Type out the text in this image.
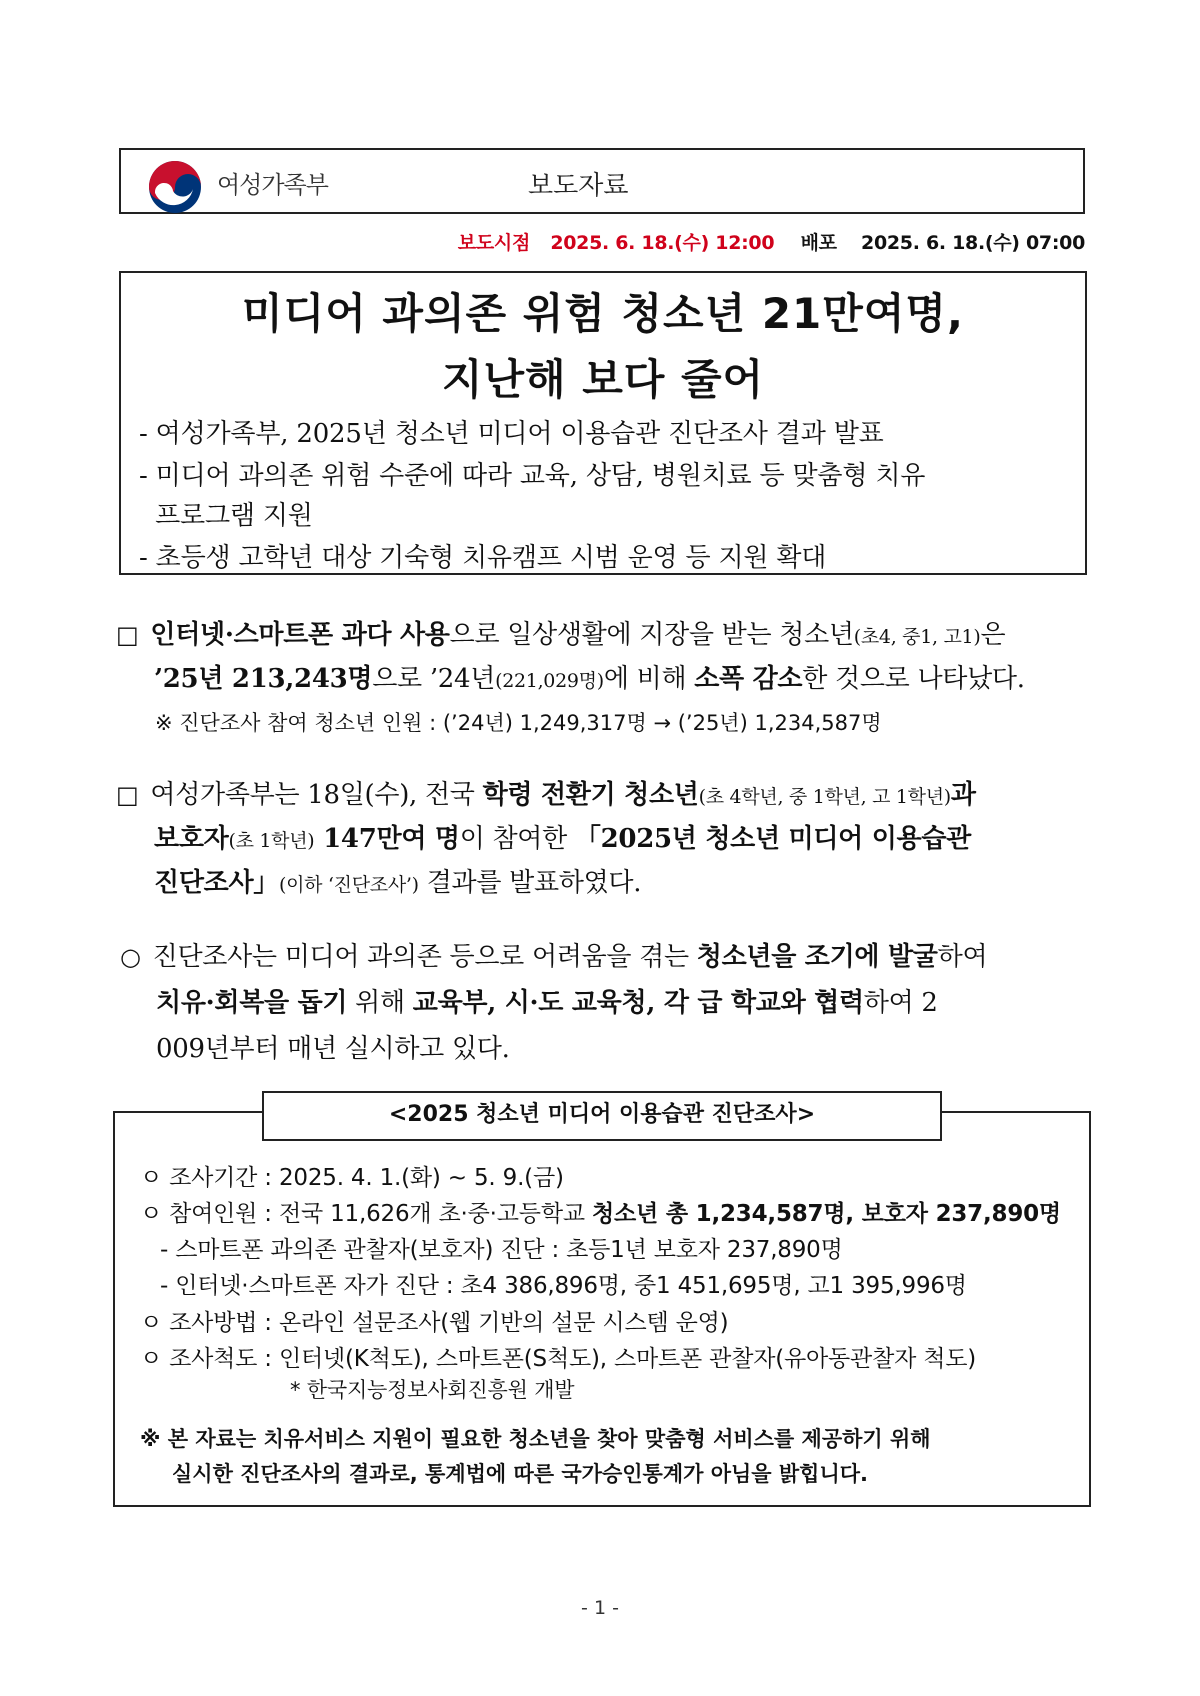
여성가족부	보도자료
보도시점 2025. 6. 18.(수) 12:00 배포 2025. 6. 18.(수) 07:00
미디어 과의존 위험 청소년 21만여명,
지난해 보다 줄어
- 여성가족부, 2025년 청소년 미디어 이용습관 진단조사 결과 발표
- 미디어 과의존 위험 수준에 따라 교육, 상담, 병원치료 등 맞춤형 치유
프로그램 지원
- 초등생 고학년 대상 기숙형 치유캠프 시범 운영 등 지원 확대
□ 인터넷·스마트폰 과다 사용으로 일상생활에 지장을 받는 청소년(초4, 중1, 고1)은
’25년 213,243명으로 ’24년(221,029명)에 비해 소폭 감소한 것으로 나타났다.
※ 진단조사 참여 청소년 인원 : (’24년) 1,249,317명 → (’25년) 1,234,587명
□ 여성가족부는 18일(수), 전국 학령 전환기 청소년(초 4학년, 중 1학년, 고 1학년)과
보호자(초 1학년) 147만여 명이 참여한 「2025년 청소년 미디어 이용습관
진단조사」(이하 ‘진단조사’) 결과를 발표하였다.
○ 진단조사는 미디어 과의존 등으로 어려움을 겪는 청소년을 조기에 발굴하여
치유·회복을 돕기 위해 교육부, 시·도 교육청, 각 급 학교와 협력하여 2
009년부터 매년 실시하고 있다.
<2025 청소년 미디어 이용습관 진단조사>
ㅇ 조사기간 : 2025. 4. 1.(화) ~ 5. 9.(금)
ㅇ 참여인원 : 전국 11,626개 초·중·고등학교 청소년 총 1,234,587명, 보호자 237,890명
- 스마트폰 과의존 관찰자(보호자) 진단 : 초등1년 보호자 237,890명
- 인터넷·스마트폰 자가 진단 : 초4 386,896명, 중1 451,695명, 고1 395,996명
ㅇ 조사방법 : 온라인 설문조사(웹 기반의 설문 시스템 운영)
ㅇ 조사척도 : 인터넷(K척도), 스마트폰(S척도), 스마트폰 관찰자(유아동관찰자 척도)
* 한국지능정보사회진흥원 개발
※ 본 자료는 치유서비스 지원이 필요한 청소년을 찾아 맞춤형 서비스를 제공하기 위해
실시한 진단조사의 결과로, 통계법에 따른 국가승인통계가 아님을 밝힙니다.
- 1 -
